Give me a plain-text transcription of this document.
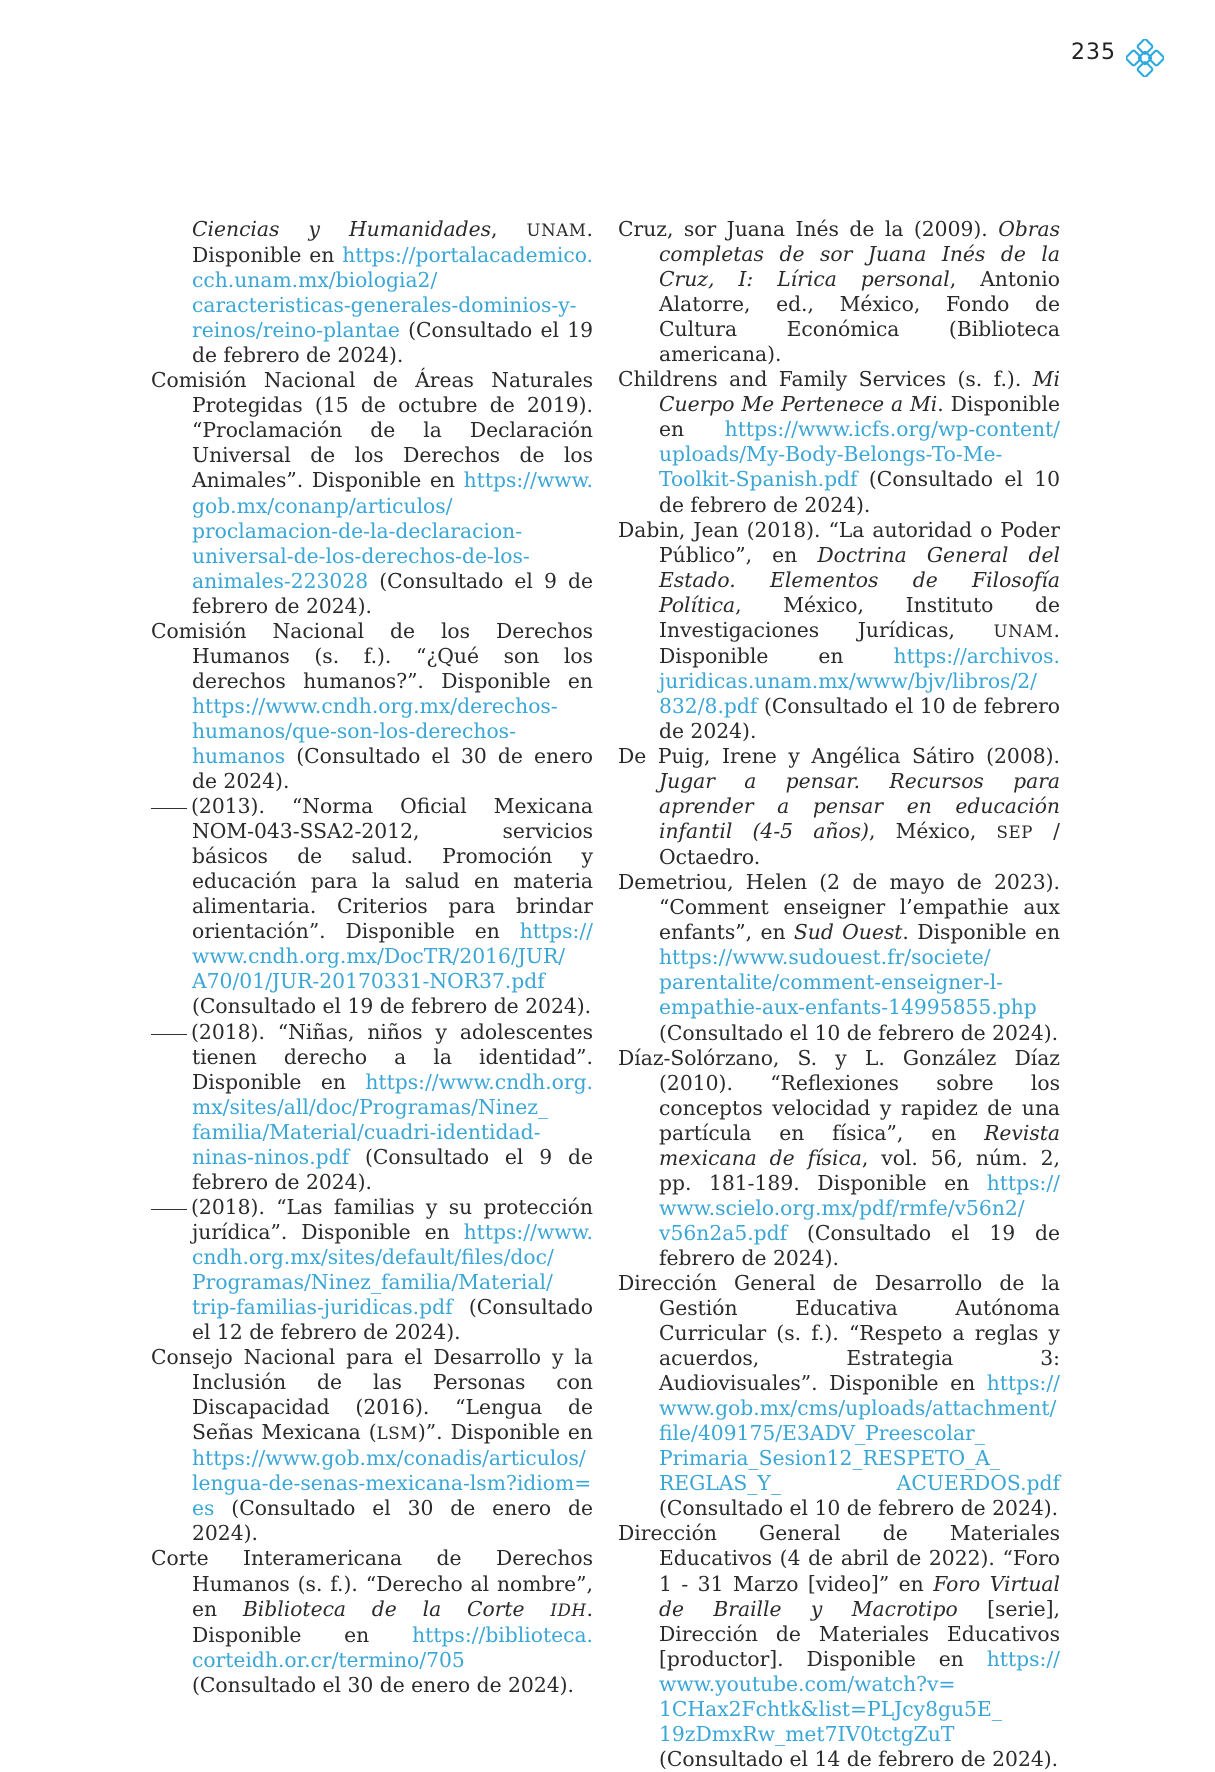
235

Ciencias y Humanidades, UNAM. Disponible en https:/​/​portalacademico.​cch.​unam.​mx/​biologia2/​caracteristicas-​generales-​dominios-​y-​reinos/​reino-​plantae (Consultado el 19 de febrero de 2024).

Comisión Nacional de Áreas Naturales Protegidas (15 de octubre de 2019). “Proclamación de la Declaración Universal de los Derechos de los Animales”. Disponible en https:/​/​www.​gob.​mx/​conanp/​articulos/​proclamacion-​de-​la-​declaracion-​universal-​de-​los-​derechos-​de-​los-​animales-​223028 (Consultado el 9 de febrero de 2024).

Comisión Nacional de los Derechos Humanos (s. f.). “¿Qué son los derechos humanos?”. Disponible en https:/​/​www.​cndh.​org.​mx/​derechos-​humanos/​que-​son-​los-​derechos-​humanos (Consultado el 30 de enero de 2024).

(2013). “Norma Oficial Mexicana NOM-043-SSA2-2012, servicios básicos de salud. Promoción y educación para la salud en materia alimentaria. Criterios para brindar orientación”. Disponible en https:/​/​www.​cndh.​org.​mx/​DocTR/​2016/​JUR/​A70/​01/​JUR-​20170331-​NOR37.​pdf (Consultado el 19 de febrero de 2024).

(2018). “Niñas, niños y adolescentes tienen derecho a la identidad”. Disponible en https:/​/​www.​cndh.​org.​mx/​sites/​all/​doc/​Programas/​Ninez_​familia/​Material/​cuadri-​identidad-​ninas-​ninos.​pdf (Consultado el 9 de febrero de 2024).

(2018). “Las familias y su protección jurídica”. Disponible en https:/​/​www.​cndh.​org.​mx/​sites/​default/​files/​doc/​Programas/​Ninez_​familia/​Material/​trip-​familias-​juridicas.​pdf (Consultado el 12 de febrero de 2024).

Consejo Nacional para el Desarrollo y la Inclusión de las Personas con Discapacidad (2016). “Lengua de Señas Mexicana (LSM)”. Disponible en https:/​/​www.​gob.​mx/​conadis/​articulos/​lengua-​de-​senas-​mexicana-​lsm?​idiom=​es (Consultado el 30 de enero de 2024).

Corte Interamericana de Derechos Humanos (s. f.). “Derecho al nombre”, en Biblioteca de la Corte IDH. Disponible en https:/​/​biblioteca.​corteidh.​or.​cr/​termino/​705 (Consultado el 30 de enero de 2024).

Cruz, sor Juana Inés de la (2009). Obras completas de sor Juana Inés de la Cruz, I: Lírica personal, Antonio Alatorre, ed., México, Fondo de Cultura Económica (Biblioteca americana).

Childrens and Family Services (s. f.). Mi Cuerpo Me Pertenece a Mi. Disponible en https:/​/​www.​icfs.​org/​wp-​content/​uploads/​My-​Body-​Belongs-​To-​Me-​Toolkit-​Spanish.​pdf (Consultado el 10 de febrero de 2024).

Dabin, Jean (2018). “La autoridad o Poder Público”, en Doctrina General del Estado. Elementos de Filosofía Política, México, Instituto de Investigaciones Jurídicas, UNAM. Disponible en https:/​/​archivos.​juridicas.​unam.​mx/​www/​bjv/​libros/​2/​832/​8.​pdf (Consultado el 10 de febrero de 2024).

De Puig, Irene y Angélica Sátiro (2008). Jugar a pensar. Recursos para aprender a pensar en educación infantil (4-5 años), México, SEP / Octaedro.

Demetriou, Helen (2 de mayo de 2023). “Comment enseigner l’empathie aux enfants”, en Sud Ouest. Disponible en https:/​/​www.​sudouest.​fr/​societe/​parentalite/​comment-​enseigner-​l-​empathie-​aux-​enfants-​14995855.​php (Consultado el 10 de febrero de 2024).

Díaz-Solórzano, S. y L. González Díaz (2010). “Reflexiones sobre los conceptos velocidad y rapidez de una partícula en física”, en Revista mexicana de física, vol. 56, núm. 2, pp. 181-189. Disponible en https:/​/​www.​scielo.​org.​mx/​pdf/​rmfe/​v56n2/​v56n2a5.​pdf (Consultado el 19 de febrero de 2024).

Dirección General de Desarrollo de la Gestión Educativa Autónoma Curricular (s. f.). “Respeto a reglas y acuerdos, Estrategia 3: Audiovisuales”. Disponible en https:/​/​www.​gob.​mx/​cms/​uploads/​attachment/​file/​409175/​E3ADV_​Preescolar_​Primaria_​Sesion12_​RESPETO_​A_​REGLAS_​Y_​ ACUERDOS.​pdf (Consultado el 10 de febrero de 2024).

Dirección General de Materiales Educativos (4 de abril de 2022). “Foro 1 - 31 Marzo [video]” en Foro Virtual de Braille y Macrotipo [serie], Dirección de Materiales Educativos [productor]. Disponible en https:/​/​www.​youtube.​com/​watch?​v=​1CHax2Fchtk&​list=​PLJcy8gu5E_​19zDmxRw_​met7IV0tctgZuT (Consultado el 14 de febrero de 2024).
